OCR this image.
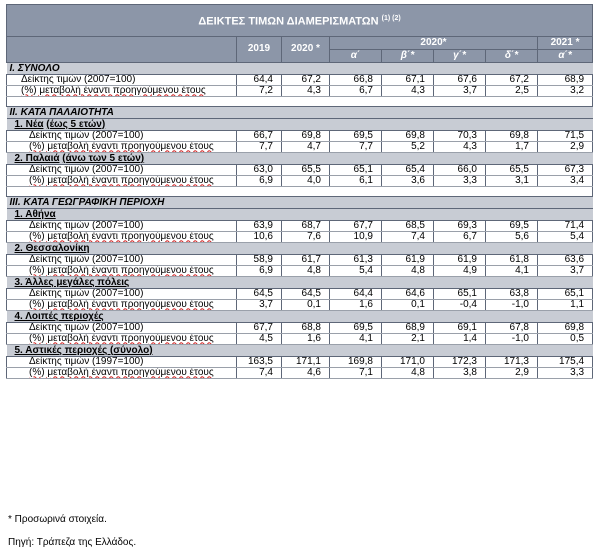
ΔΕΙΚΤΕΣ ΤΙΜΩΝ ΔΙΑΜΕΡΙΣΜΑΤΩΝ $^{(1) (2)}$
	2019	2020 *	2020*				2021 *
			α΄	β΄*	γ΄*	δ΄*	α΄*
I. ΣΥΝΟΛΟ							
Δείκτης τιμών (2007=100)	64,4	67,2	66,8	67,1	67,6	67,2	68,9
(%) μεταβολή έναντι προηγούμενου έτους	7,2	4,3	6,7	4,3	3,7	2,5	3,2

II. ΚΑΤΑ ΠΑΛΑΙΟΤΗΤΑ							
1. Νέα (έως 5 ετών)							
Δείκτης τιμών (2007=100)	66,7	69,8	69,5	69,8	70,3	69,8	71,5
(%) μεταβολή έναντι προηγούμενου έτους	7,7	4,7	7,7	5,2	4,3	1,7	2,9
2. Παλαιά (άνω των 5 ετών)							
Δείκτης τιμών (2007=100)	63,0	65,5	65,1	65,4	66,0	65,5	67,3
(%) μεταβολή έναντι προηγούμενου έτους	6,9	4,0	6,1	3,6	3,3	3,1	3,4

III. ΚΑΤΑ ΓΕΩΓΡΑΦΙΚΗ ΠΕΡΙΟΧΗ							
1. Αθήνα							
Δείκτης τιμών (2007=100)	63,9	68,7	67,7	68,5	69,3	69,5	71,4
(%) μεταβολή έναντι προηγούμενου έτους	10,6	7,6	10,9	7,4	6,7	5,6	5,4
2. Θεσσαλονίκη							
Δείκτης τιμών (2007=100)	58,9	61,7	61,3	61,9	61,9	61,8	63,6
(%) μεταβολή έναντι προηγούμενου έτους	6,9	4,8	5,4	4,8	4,9	4,1	3,7
3. Άλλες μεγάλες πόλεις							
Δείκτης τιμών (2007=100)	64,5	64,5	64,4	64,6	65,1	63,8	65,1
(%) μεταβολή έναντι προηγούμενου έτους	3,7	0,1	1,6	0,1	-0,4	-1,0	1,1
4. Λοιπές περιοχές							
Δείκτης τιμών (2007=100)	67,7	68,8	69,5	68,9	69,1	67,8	69,8
(%) μεταβολή έναντι προηγούμενου έτους	4,5	1,6	4,1	2,1	1,4	-1,0	0,5
5. Αστικές περιοχές (σύνολο)							
Δείκτης τιμών (1997=100)	163,5	171,1	169,8	171,0	172,3	171,3	175,4
(%) μεταβολή έναντι προηγούμενου έτους	7,4	4,6	7,1	4,8	3,8	2,9	3,3
* Προσωρινά στοιχεία.
Πηγή: Τράπεζα της Ελλάδος.
